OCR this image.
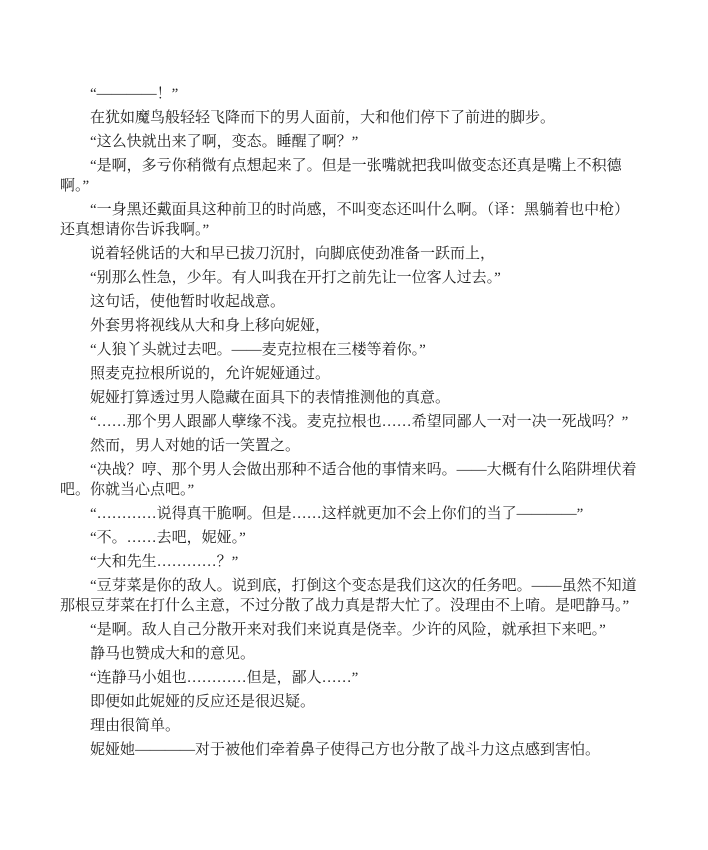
“————！”

在犹如魔鸟般轻轻飞降而下的男人面前，大和他们停下了前进的脚步。

“这么快就出来了啊，变态。睡醒了啊？”

“是啊，多亏你稍微有点想起来了。但是一张嘴就把我叫做变态还真是嘴上不积德啊。”

“一身黑还戴面具这种前卫的时尚感，不叫变态还叫什么啊。（译：黑躺着也中枪）还真想请你告诉我啊。”

说着轻佻话的大和早已拔刀沉肘，向脚底使劲准备一跃而上，

“别那么性急，少年。有人叫我在开打之前先让一位客人过去。”

这句话，使他暂时收起战意。

外套男将视线从大和身上移向妮娅，

“人狼丫头就过去吧。——麦克拉根在三楼等着你。”

照麦克拉根所说的，允许妮娅通过。

妮娅打算透过男人隐藏在面具下的表情推测他的真意。

“……那个男人跟鄙人孽缘不浅。麦克拉根也……希望同鄙人一对一决一死战吗？”

然而，男人对她的话一笑置之。

“决战？哼、那个男人会做出那种不适合他的事情来吗。——大概有什么陷阱埋伏着吧。你就当心点吧。”

“…………说得真干脆啊。但是……这样就更加不会上你们的当了————”

“不。……去吧，妮娅。”

“大和先生…………？”

“豆芽菜是你的敌人。说到底，打倒这个变态是我们这次的任务吧。——虽然不知道那根豆芽菜在打什么主意，不过分散了战力真是帮大忙了。没理由不上唷。是吧静马。”

“是啊。敌人自己分散开来对我们来说真是侥幸。少许的风险，就承担下来吧。”

静马也赞成大和的意见。

“连静马小姐也…………但是，鄙人……”

即便如此妮娅的反应还是很迟疑。

理由很简单。

妮娅她————对于被他们牵着鼻子使得己方也分散了战斗力这点感到害怕。
